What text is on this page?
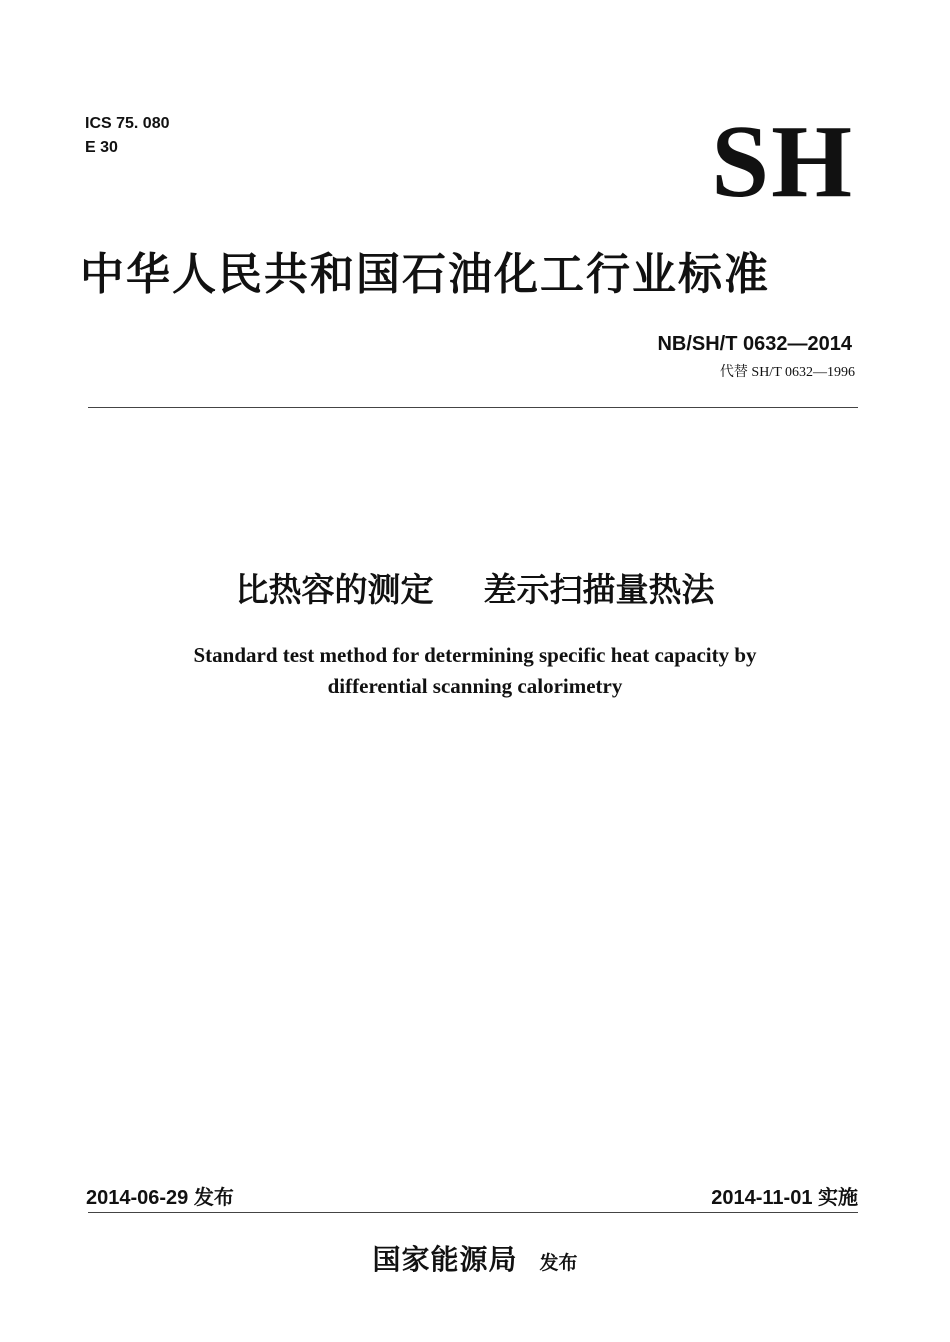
ICS 75. 080
E 30	SH
中华人民共和国石油化工行业标准
NB/SH/T 0632—2014
代替 SH/T 0632—1996
比热容的测定 差示扫描量热法
Standard test method for determining specific heat capacity by
differential scanning calorimetry
2014-06-29 发布	2014-11-01 实施
国家能源局 发布
